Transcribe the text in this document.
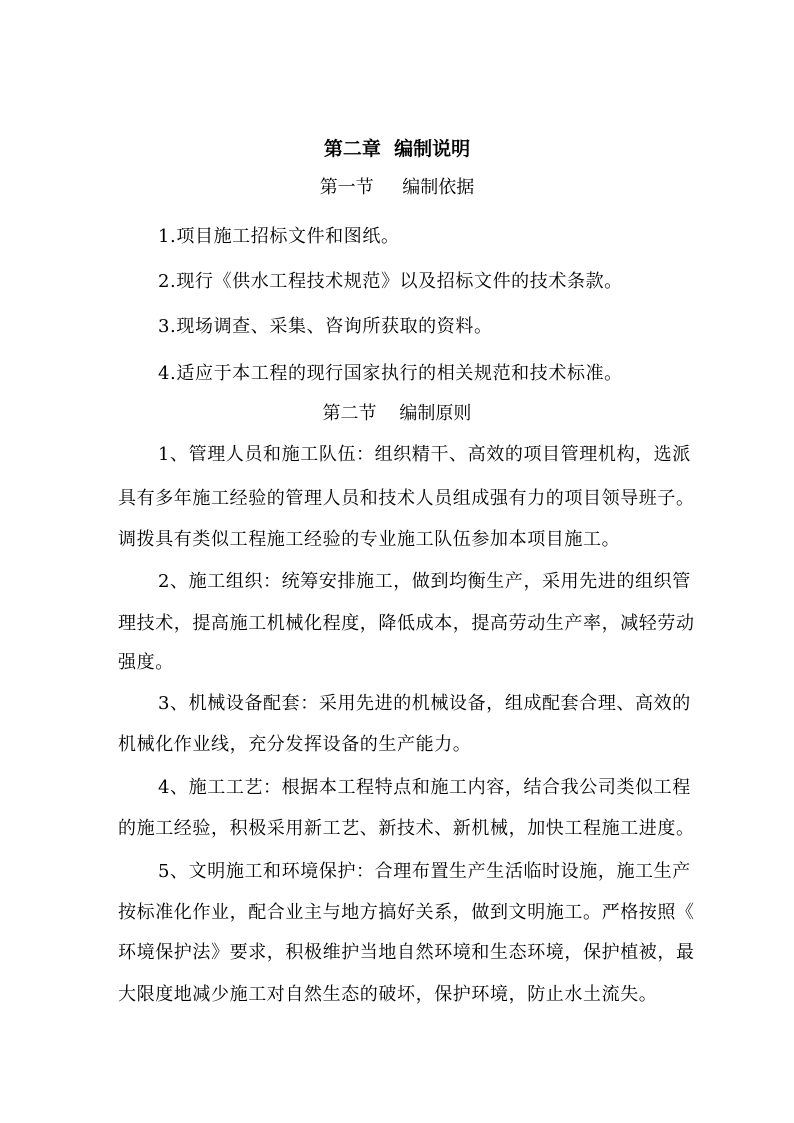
第二章  编制说明
第一节     编制依据
1.项目施工招标文件和图纸。
2.现行《供水工程技术规范》以及招标文件的技术条款。
3.现场调查、采集、咨询所获取的资料。
4.适应于本工程的现行国家执行的相关规范和技术标准。
第二节    编制原则
1、管理人员和施工队伍：组织精干、高效的项目管理机构，选派
具有多年施工经验的管理人员和技术人员组成强有力的项目领导班子。
调拨具有类似工程施工经验的专业施工队伍参加本项目施工。
2、施工组织：统筹安排施工，做到均衡生产，采用先进的组织管
理技术，提高施工机械化程度，降低成本，提高劳动生产率，减轻劳动
强度。
3、机械设备配套：采用先进的机械设备，组成配套合理、高效的
机械化作业线，充分发挥设备的生产能力。
4、施工工艺：根据本工程特点和施工内容，结合我公司类似工程
的施工经验，积极采用新工艺、新技术、新机械，加快工程施工进度。
5、文明施工和环境保护：合理布置生产生活临时设施，施工生产
按标准化作业，配合业主与地方搞好关系，做到文明施工。严格按照《
环境保护法》要求，积极维护当地自然环境和生态环境，保护植被，最
大限度地减少施工对自然生态的破坏，保护环境，防止水土流失。
